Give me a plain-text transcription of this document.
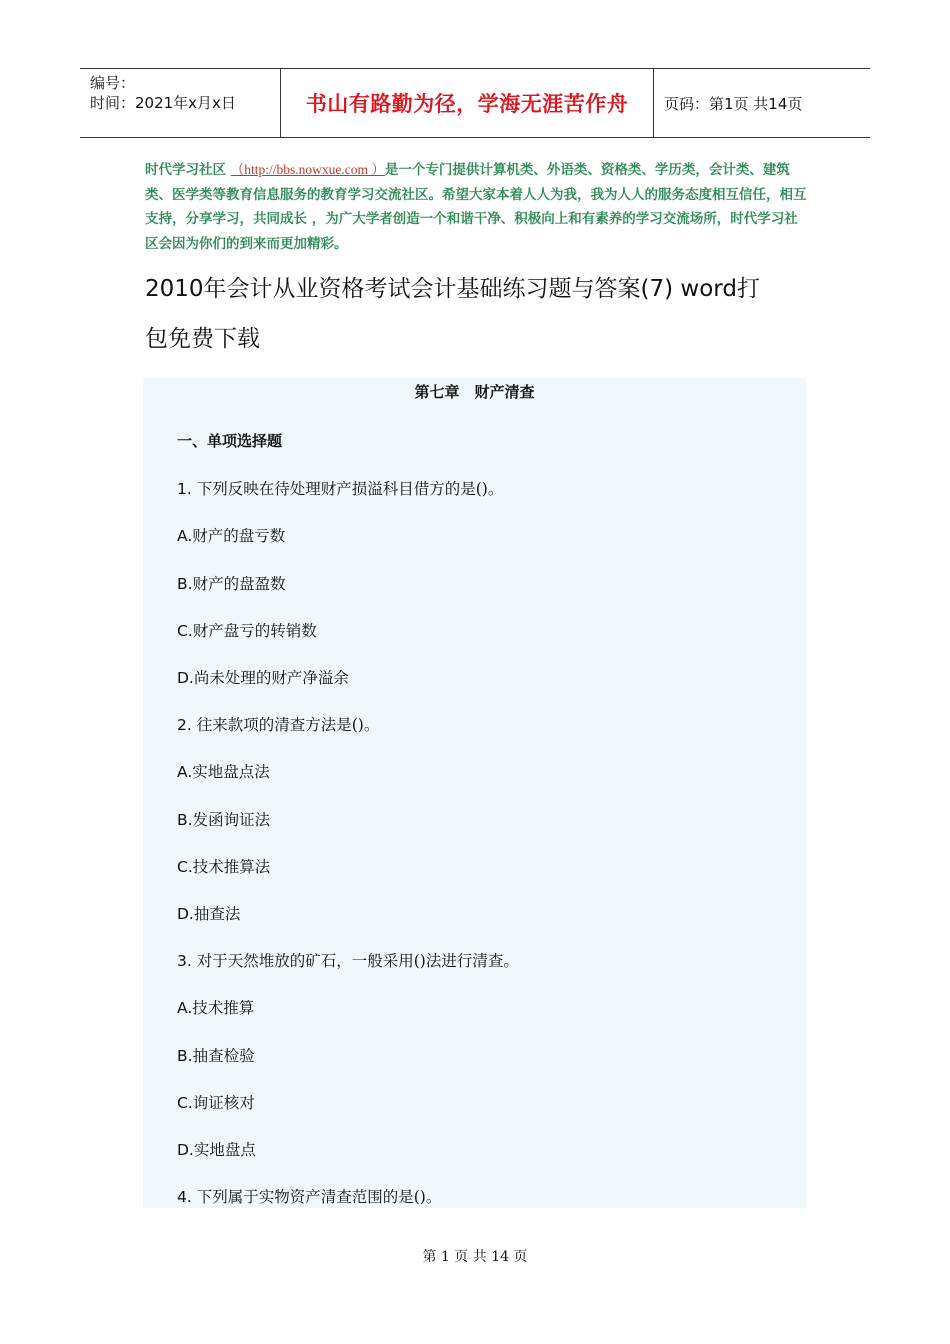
编号：
时间：2021年x月x日	书山有路勤为径，学海无涯苦作舟	页码：第1页 共14页
时代学习社区 （http://bbs.nowxue.com ）是一个专门提供计算机类、外语类、资格类、学历类，会计类、建筑类、医学类等教育信息服务的教育学习交流社区。希望大家本着人人为我，我为人人的服务态度相互信任，相互支持，分享学习，共同成长 ，为广大学者创造一个和谐干净、积极向上和有素养的学习交流场所，时代学习社区会因为你们的到来而更加精彩。
2010年会计从业资格考试会计基础练习题与答案(7) word打
包免费下载
第七章　财产清查
一、单项选择题
1. 下列反映在待处理财产损溢科目借方的是()。
A.财产的盘亏数
B.财产的盘盈数
C.财产盘亏的转销数
D.尚未处理的财产净溢余
2. 往来款项的清查方法是()。
A.实地盘点法
B.发函询证法
C.技术推算法
D.抽查法
3. 对于天然堆放的矿石，一般采用()法进行清查。
A.技术推算
B.抽查检验
C.询证核对
D.实地盘点
4. 下列属于实物资产清查范围的是()。
第 1 页 共 14 页
